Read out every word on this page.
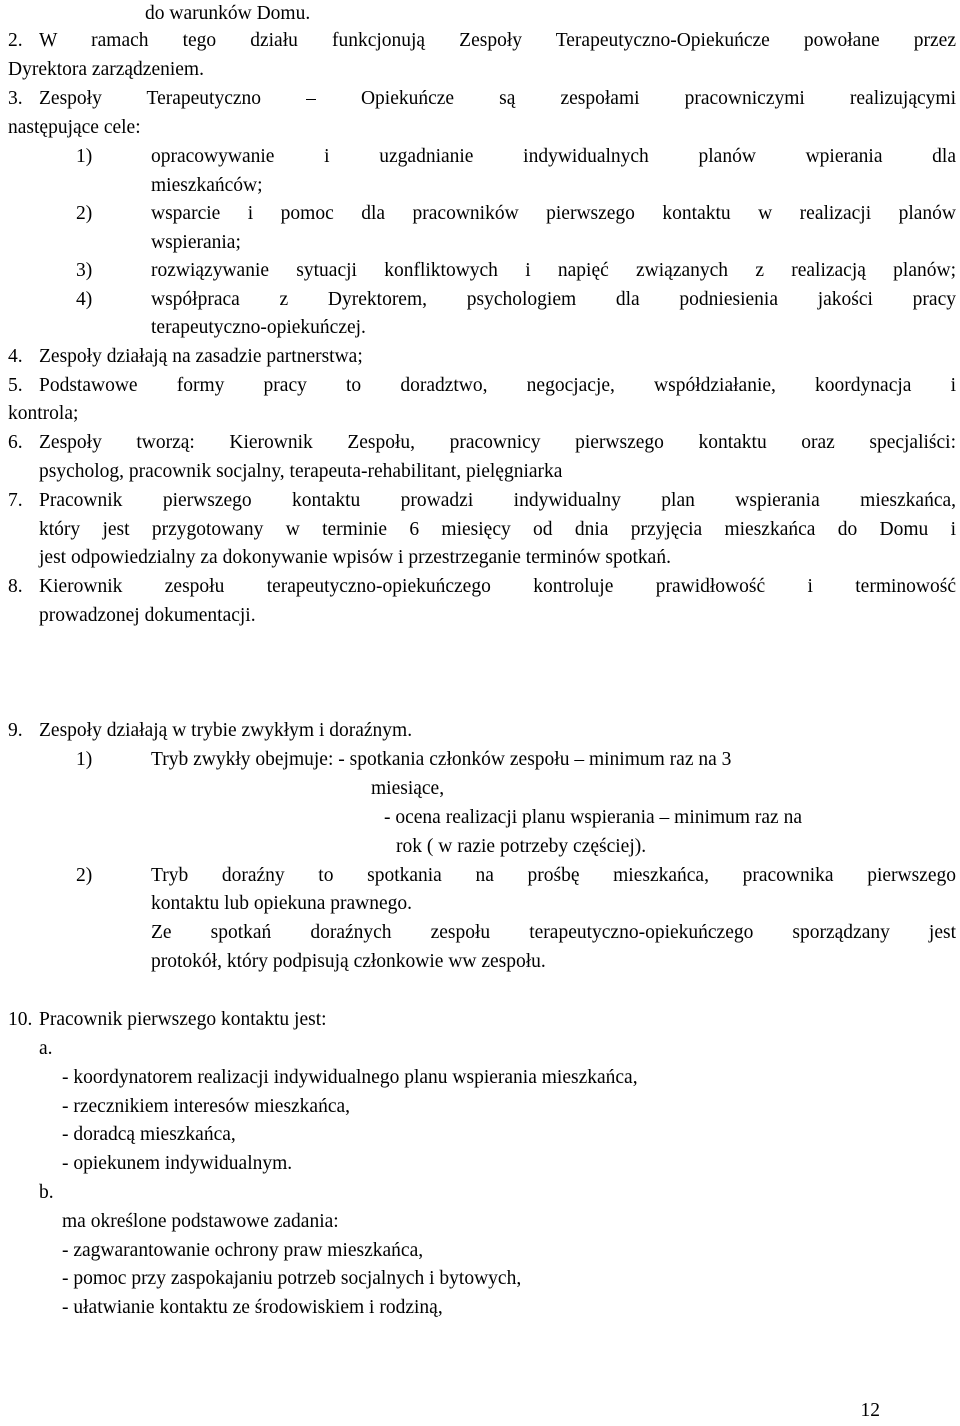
do warunków Domu.
2. W ramach tego działu funkcjonują Zespoły Terapeutyczno-Opiekuńcze powołane przez
Dyrektora zarządzeniem.
3. Zespoły Terapeutyczno – Opiekuńcze są zespołami pracowniczymi realizującymi
następujące cele:
1)	opracowywanie i uzgadnianie indywidualnych planów wpierania dla
mieszkańców;
2)	wsparcie i pomoc dla pracowników pierwszego kontaktu w realizacji planów
wspierania;
3)	rozwiązywanie sytuacji konfliktowych i napięć związanych z realizacją planów;
4)	współpraca z Dyrektorem, psychologiem dla podniesienia jakości pracy
terapeutyczno-opiekuńczej.
4. Zespoły działają na zasadzie partnerstwa;
5. Podstawowe formy pracy to doradztwo, negocjacje, współdziałanie, koordynacja i
kontrola;
6. Zespoły tworzą: Kierownik Zespołu, pracownicy pierwszego kontaktu oraz specjaliści:
psycholog, pracownik socjalny, terapeuta-rehabilitant, pielęgniarka
7. Pracownik pierwszego kontaktu prowadzi indywidualny plan wspierania mieszkańca,
który jest przygotowany w terminie 6 miesięcy od dnia przyjęcia mieszkańca do Domu i
jest odpowiedzialny za dokonywanie wpisów i przestrzeganie terminów spotkań.
8. Kierownik zespołu terapeutyczno-opiekuńczego kontroluje prawidłowość i terminowość
prowadzonej dokumentacji.
9. Zespoły działają w trybie zwykłym i doraźnym.
1)	Tryb zwykły obejmuje: - spotkania członków zespołu – minimum raz na 3
miesiące,
- ocena realizacji planu wspierania – minimum raz na
rok ( w razie potrzeby częściej).
2)	Tryb doraźny to spotkania na prośbę mieszkańca, pracownika pierwszego
kontaktu lub opiekuna prawnego.
Ze spotkań doraźnych zespołu terapeutyczno-opiekuńczego sporządzany jest
protokół, który podpisują członkowie ww zespołu.
10. Pracownik pierwszego kontaktu jest:
a.
- koordynatorem realizacji indywidualnego planu wspierania mieszkańca,
- rzecznikiem interesów mieszkańca,
- doradcą mieszkańca,
- opiekunem indywidualnym.
b.
ma określone podstawowe zadania:
- zagwarantowanie ochrony praw mieszkańca,
- pomoc przy zaspokajaniu potrzeb socjalnych i bytowych,
- ułatwianie kontaktu ze środowiskiem i rodziną,
12
